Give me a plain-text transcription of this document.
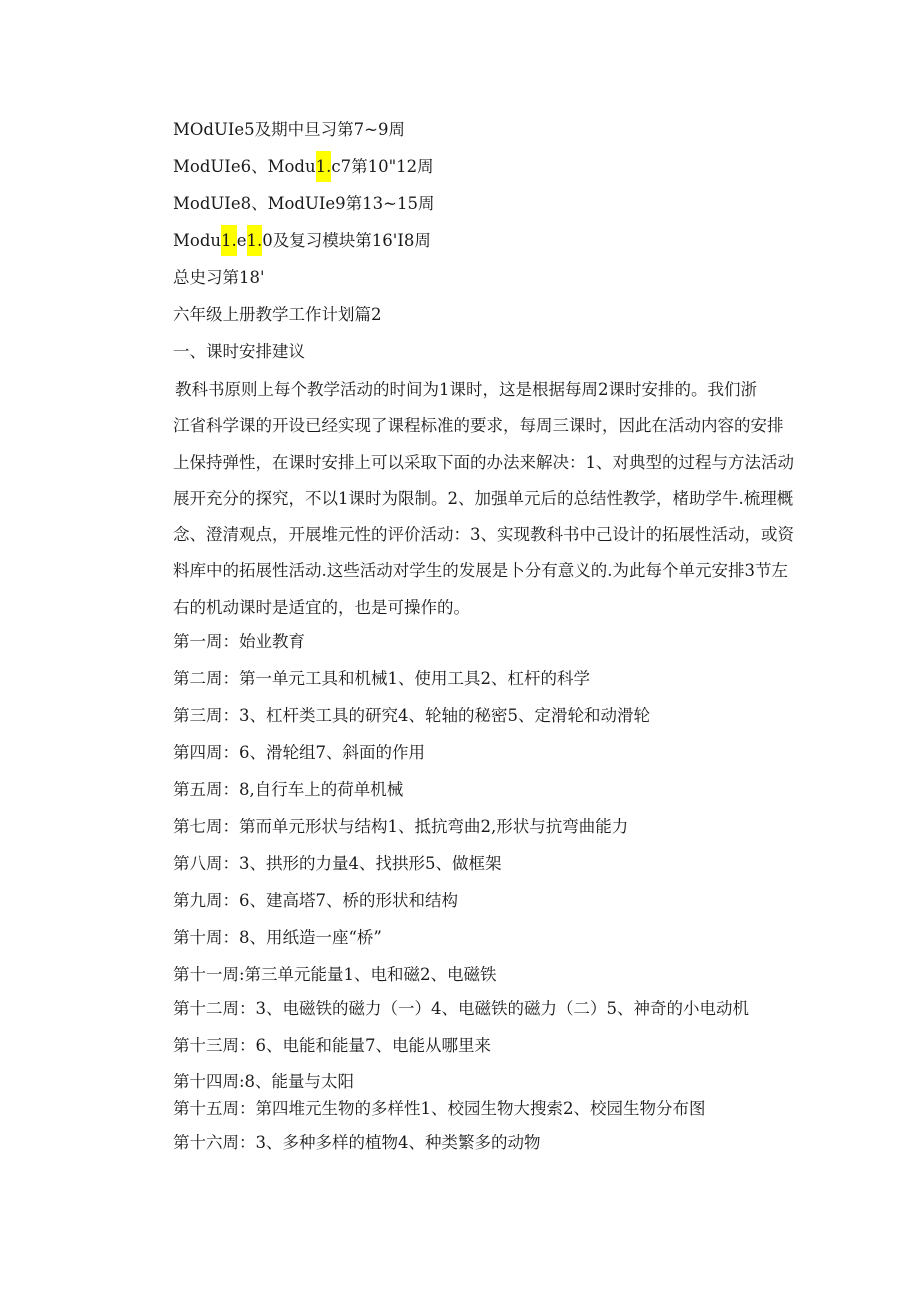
MOdUIe5及期中旦习第7~9周
ModUIe6、Modu1.c7第10"12周
ModUIe8、ModUIe9第13~15周
Modu1.e1.0及复习模块第16'I8周
总史习第18'
六年级上册教学工作计划篇2
一、课时安排建议
教科书原则上每个教学活动的时间为1课时，这是根据每周2课时安排的。我们浙
江省科学课的开设已经实现了课程标准的要求，每周三课时，因此在活动内容的安排
上保持弹性，在课时安排上可以采取下面的办法来解决：1、对典型的过程与方法活动
展开充分的探究，不以1课时为限制。2、加强单元后的总结性教学，楮助学牛.梳理概
念、澄清观点，开展堆元性的评价活动：3、实现教科书中己设计的拓展性活动，或资
料库中的拓展性活动.这些活动对学生的发展是卜分有意义的.为此每个单元安排3节左
右的机动课时是适宜的，也是可操作的。
第一周：始业教育
第二周：第一单元工具和机械1、使用工具2、杠杆的科学
第三周：3、杠杆类工具的研究4、轮轴的秘密5、定滑轮和动滑轮
第四周：6、滑轮组7、斜面的作用
第五周：8,自行车上的荷单机械
第七周：第而单元形状与结构1、抵抗弯曲2,形状与抗弯曲能力
第八周：3、拱形的力量4、找拱形5、做框架
第九周：6、建高塔7、桥的形状和结构
第十周：8、用纸造一座“桥”
第十一周:第三单元能量1、电和磁2、电磁铁
第十二周：3、电磁铁的磁力（一）4、电磁铁的磁力（二）5、神奇的小电动机
第十三周：6、电能和能量7、电能从哪里来
第十四周:8、能量与太阳
第十五周：第四堆元生物的多样性1、校园生物大搜索2、校园生物分布图
第十六周：3、多种多样的植物4、种类繁多的动物
